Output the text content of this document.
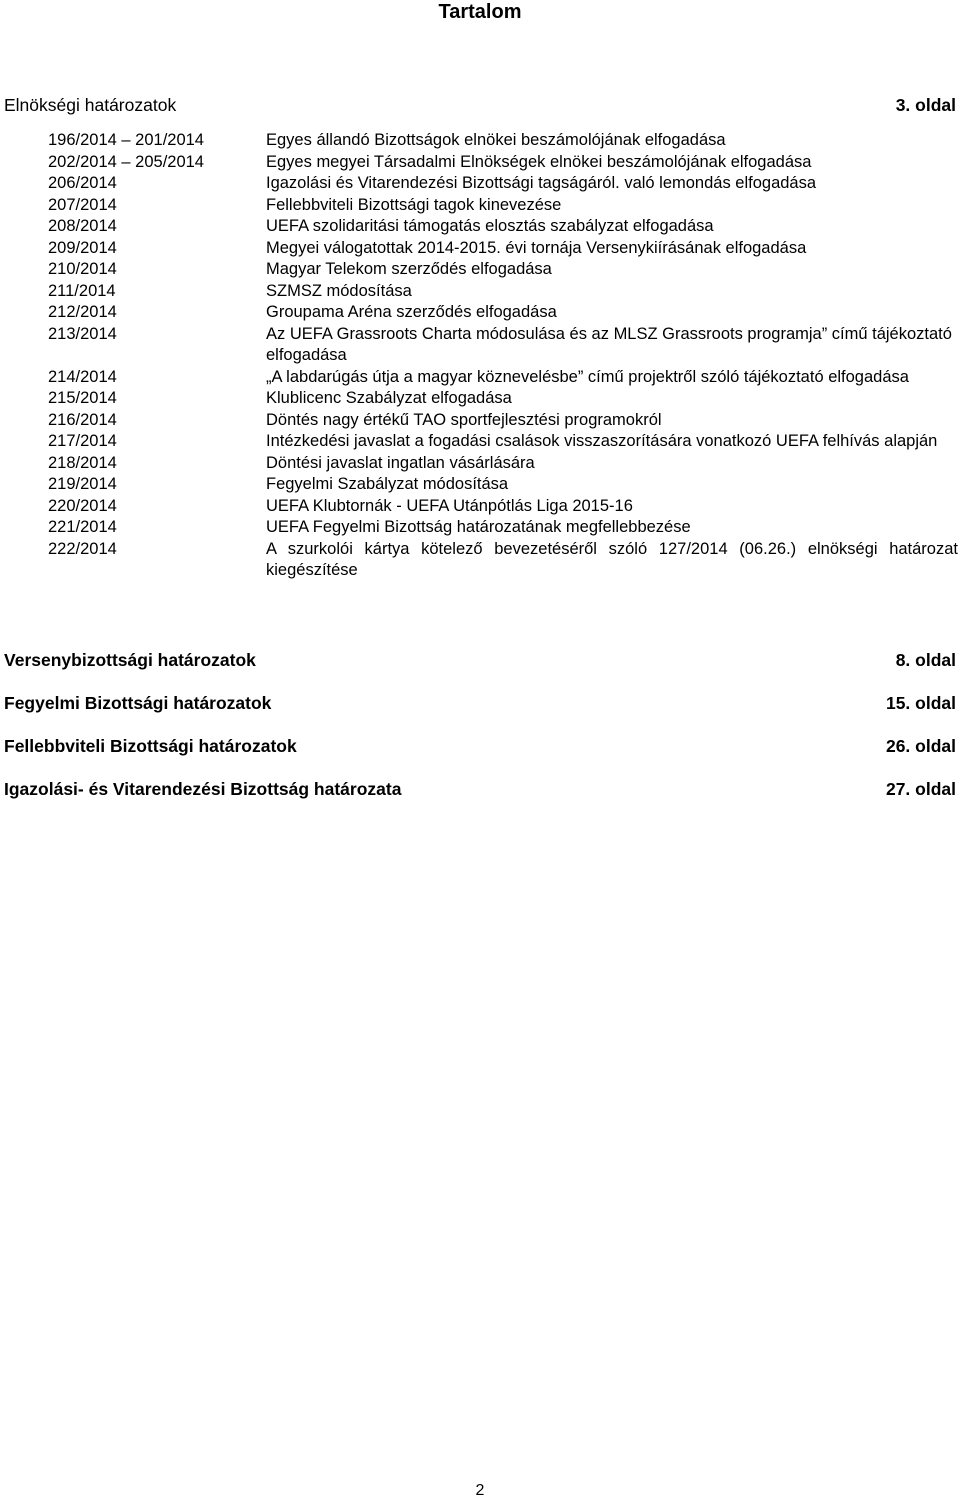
Tartalom
Elnökségi határozatok	3. oldal
196/2014 – 201/2014	Egyes állandó Bizottságok elnökei beszámolójának elfogadása
202/2014 – 205/2014	Egyes megyei Társadalmi Elnökségek elnökei beszámolójának elfogadása
206/2014	Igazolási és Vitarendezési Bizottsági tagságáról. való lemondás elfogadása
207/2014	Fellebbviteli Bizottsági tagok kinevezése
208/2014	UEFA szolidaritási támogatás elosztás szabályzat elfogadása
209/2014	Megyei válogatottak 2014-2015. évi tornája Versenykiírásának elfogadása
210/2014	Magyar Telekom szerződés elfogadása
211/2014	SZMSZ módosítása
212/2014	Groupama Aréna szerződés elfogadása
213/2014	Az UEFA Grassroots Charta módosulása és az MLSZ Grassroots programja” című tájékoztató elfogadása
214/2014	„A labdarúgás útja a magyar köznevelésbe” című projektről szóló tájékoztató elfogadása
215/2014	Klublicenc Szabályzat elfogadása
216/2014	Döntés nagy értékű TAO sportfejlesztési programokról
217/2014	Intézkedési javaslat a fogadási csalások visszaszorítására vonatkozó UEFA felhívás alapján
218/2014	Döntési javaslat ingatlan vásárlására
219/2014	Fegyelmi Szabályzat módosítása
220/2014	UEFA Klubtornák - UEFA Utánpótlás Liga 2015-16
221/2014	UEFA Fegyelmi Bizottság határozatának megfellebbezése
222/2014	A szurkolói kártya kötelező bevezetéséről szóló 127/2014 (06.26.) elnökségi határozat kiegészítése
Versenybizottsági határozatok	8. oldal
Fegyelmi Bizottsági határozatok	15. oldal
Fellebbviteli Bizottsági határozatok	26. oldal
Igazolási- és Vitarendezési Bizottság határozata	27. oldal
2
